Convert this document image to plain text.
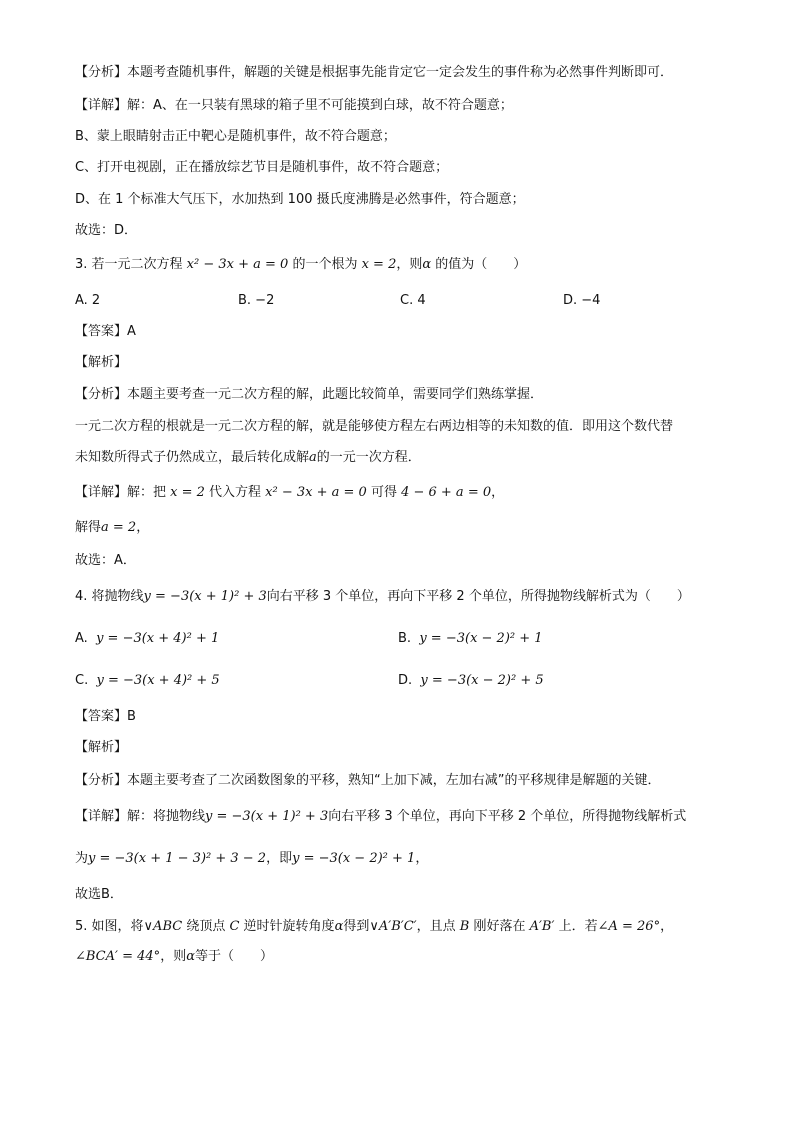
【分析】本题考查随机事件，解题的关键是根据事先能肯定它一定会发生的事件称为必然事件判断即可．
【详解】解：A、在一只装有黑球的箱子里不可能摸到白球，故不符合题意；
B、蒙上眼睛射击正中靶心是随机事件，故不符合题意；
C、打开电视剧，正在播放综艺节目是随机事件，故不符合题意；
D、在 1 个标准大气压下，水加热到 100 摄氏度沸腾是必然事件，符合题意；
故选：D．
3. 若一元二次方程 x² − 3x + a = 0 的一个根为 x = 2，则α 的值为（　　）
A. 2	B. −2	C. 4	D. −4
【答案】A
【解析】
【分析】本题主要考查一元二次方程的解，此题比较简单，需要同学们熟练掌握．
一元二次方程的根就是一元二次方程的解，就是能够使方程左右两边相等的未知数的值．即用这个数代替
未知数所得式子仍然成立，最后转化成解a的一元一次方程．
【详解】解：把 x = 2 代入方程 x² − 3x + a = 0 可得 4 − 6 + a = 0，
解得a = 2，
故选：A．
4. 将抛物线y = −3(x + 1)² + 3向右平移 3 个单位，再向下平移 2 个单位，所得抛物线解析式为（　　）
A. y = −3(x + 4)² + 1	B. y = −3(x − 2)² + 1
C. y = −3(x + 4)² + 5	D. y = −3(x − 2)² + 5
【答案】B
【解析】
【分析】本题主要考查了二次函数图象的平移，熟知“上加下减，左加右减”的平移规律是解题的关键．
【详解】解：将抛物线y = −3(x + 1)² + 3向右平移 3 个单位，再向下平移 2 个单位，所得抛物线解析式
为y = −3(x + 1 − 3)² + 3 − 2，即y = −3(x − 2)² + 1，
故选B．
5. 如图，将∨ABC 绕顶点 C 逆时针旋转角度α得到∨A′B′C′，且点 B 刚好落在 A′B′ 上．若∠A = 26°，
∠BCA′ = 44°，则α等于（　　）
